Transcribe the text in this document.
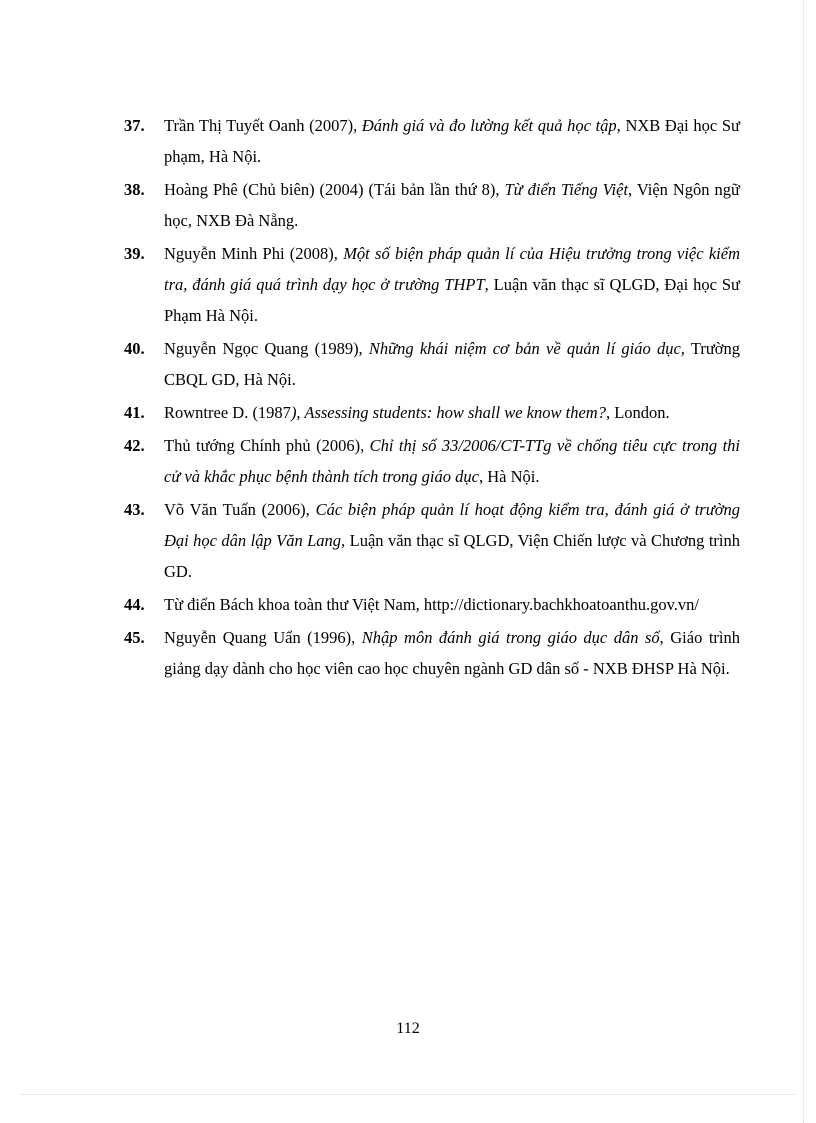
37. Trần Thị Tuyết Oanh (2007), Đánh giá và đo lường kết quả học tập, NXB Đại học Sư phạm, Hà Nội.
38. Hoàng Phê (Chủ biên) (2004) (Tái bản lần thứ 8), Từ điển Tiếng Việt, Viện Ngôn ngữ học, NXB Đà Nẵng.
39. Nguyễn Minh Phi (2008), Một số biện pháp quản lí của Hiệu trưởng trong việc kiểm tra, đánh giá quá trình dạy học ở trường THPT, Luận văn thạc sĩ QLGD, Đại học Sư Phạm Hà Nội.
40. Nguyễn Ngọc Quang (1989), Những khái niệm cơ bản về quản lí giáo dục, Trường CBQL GD, Hà Nội.
41. Rowntree D. (1987), Assessing students: how shall we know them?, London.
42. Thủ tướng Chính phủ (2006), Chỉ thị số 33/2006/CT-TTg về chống tiêu cực trong thi cử và khắc phục bệnh thành tích trong giáo dục, Hà Nội.
43. Võ Văn Tuấn (2006), Các biện pháp quản lí hoạt động kiểm tra, đánh giá ở trường Đại học dân lập Văn Lang, Luận văn thạc sĩ QLGD, Viện Chiến lược và Chương trình GD.
44. Từ điển Bách khoa toàn thư Việt Nam, http://dictionary.bachkhoatoanthu.gov.vn/
45. Nguyễn Quang Uẩn (1996), Nhập môn đánh giá trong giáo dục dân số, Giáo trình giảng dạy dành cho học viên cao học chuyên ngành GD dân số - NXB ĐHSP Hà Nội.
112
